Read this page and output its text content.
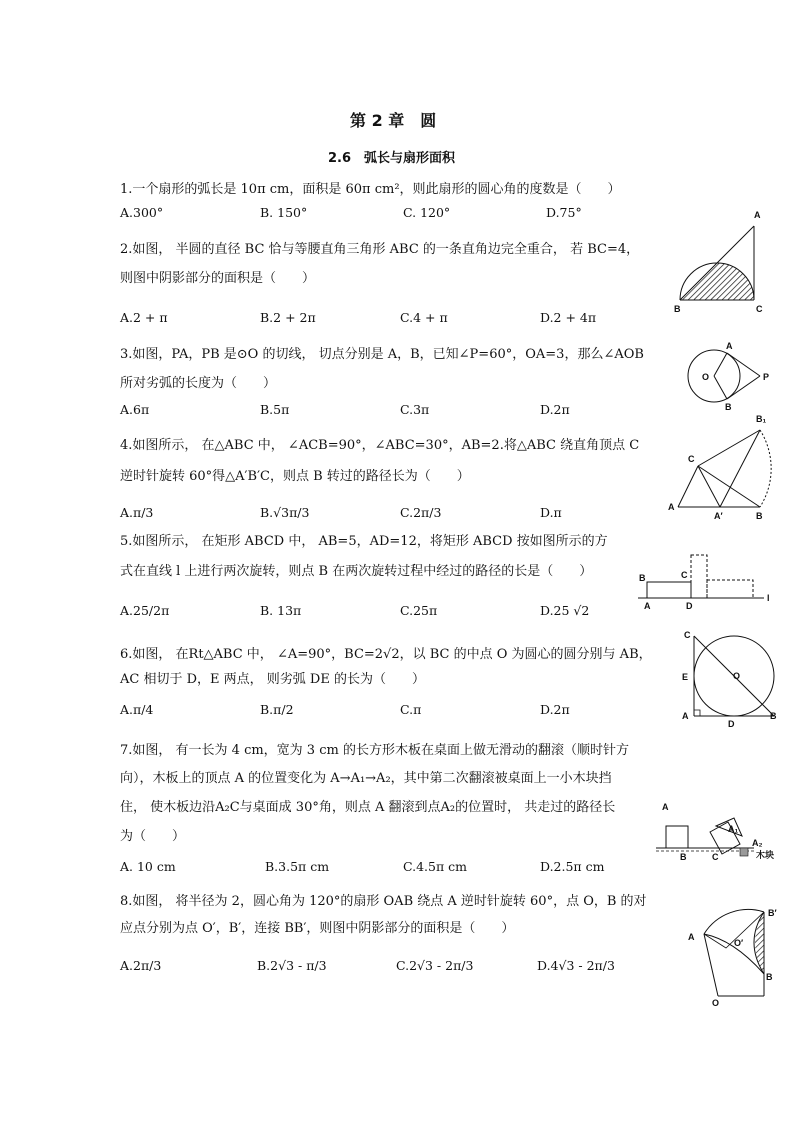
第 2 章　圆
2.6　弧长与扇形面积
1.一个扇形的弧长是 10π cm，面积是 60π cm²，则此扇形的圆心角的度数是（　　）
A.300°	B. 150°	C. 120°	D.75°
2.如图， 半圆的直径 BC 恰与等腰直角三角形 ABC 的一条直角边完全重合， 若 BC=4，
则图中阴影部分的面积是（　　）
A.2 + π	B.2 + 2π	C.4 + π	D.2 + 4π
A
B	C
3.如图，PA，PB 是⊙O 的切线， 切点分别是 A，B，已知∠P=60°，OA=3，那么∠AOB
所对劣弧的长度为（　　）
A.6π	B.5π	C.3π	D.2π
A
O	P
B
4.如图所示， 在△ABC 中， ∠ACB=90°，∠ABC=30°，AB=2.将△ABC 绕直角顶点 C
逆时针旋转 60°得△A′B′C，则点 B 转过的路径长为（　　）
A.π/3	B.√3π/3	C.2π/3	D.π
B₁
C
A
A′	B
5.如图所示， 在矩形 ABCD 中， AB=5，AD=12，将矩形 ABCD 按如图所示的方
式在直线 l 上进行两次旋转，则点 B 在两次旋转过程中经过的路径的长是（　　）
A.25/2π	B. 13π	C.25π	D.25 √2
B	C
A	D
l
6.如图， 在Rt△ABC 中， ∠A=90°，BC=2√2，以 BC 的中点 O 为圆心的圆分别与 AB，
AC 相切于 D，E 两点， 则劣弧 DE 的长为（　　）
A.π/4	B.π/2	C.π	D.2π
C
E	O
A
D
B
7.如图， 有一长为 4 cm，宽为 3 cm 的长方形木板在桌面上做无滑动的翻滚（顺时针方
向），木板上的顶点 A 的位置变化为 A→A₁→A₂，其中第二次翻滚被桌面上一小木块挡
住， 使木板边沿A₂C与桌面成 30°角，则点 A 翻滚到点A₂的位置时， 共走过的路径长
为（　　）
A. 10 cm	B.3.5π cm	C.4.5π cm	D.2.5π cm
A
A₁
A₂
B	C	木块
8.如图， 将半径为 2，圆心角为 120°的扇形 OAB 绕点 A 逆时针旋转 60°，点 O，B 的对
应点分别为点 O′，B′，连接 BB′，则图中阴影部分的面积是（　　）
A.2π/3	B.2√3 - π/3	C.2√3 - 2π/3	D.4√3 - 2π/3
B′
A
O′
B
O
